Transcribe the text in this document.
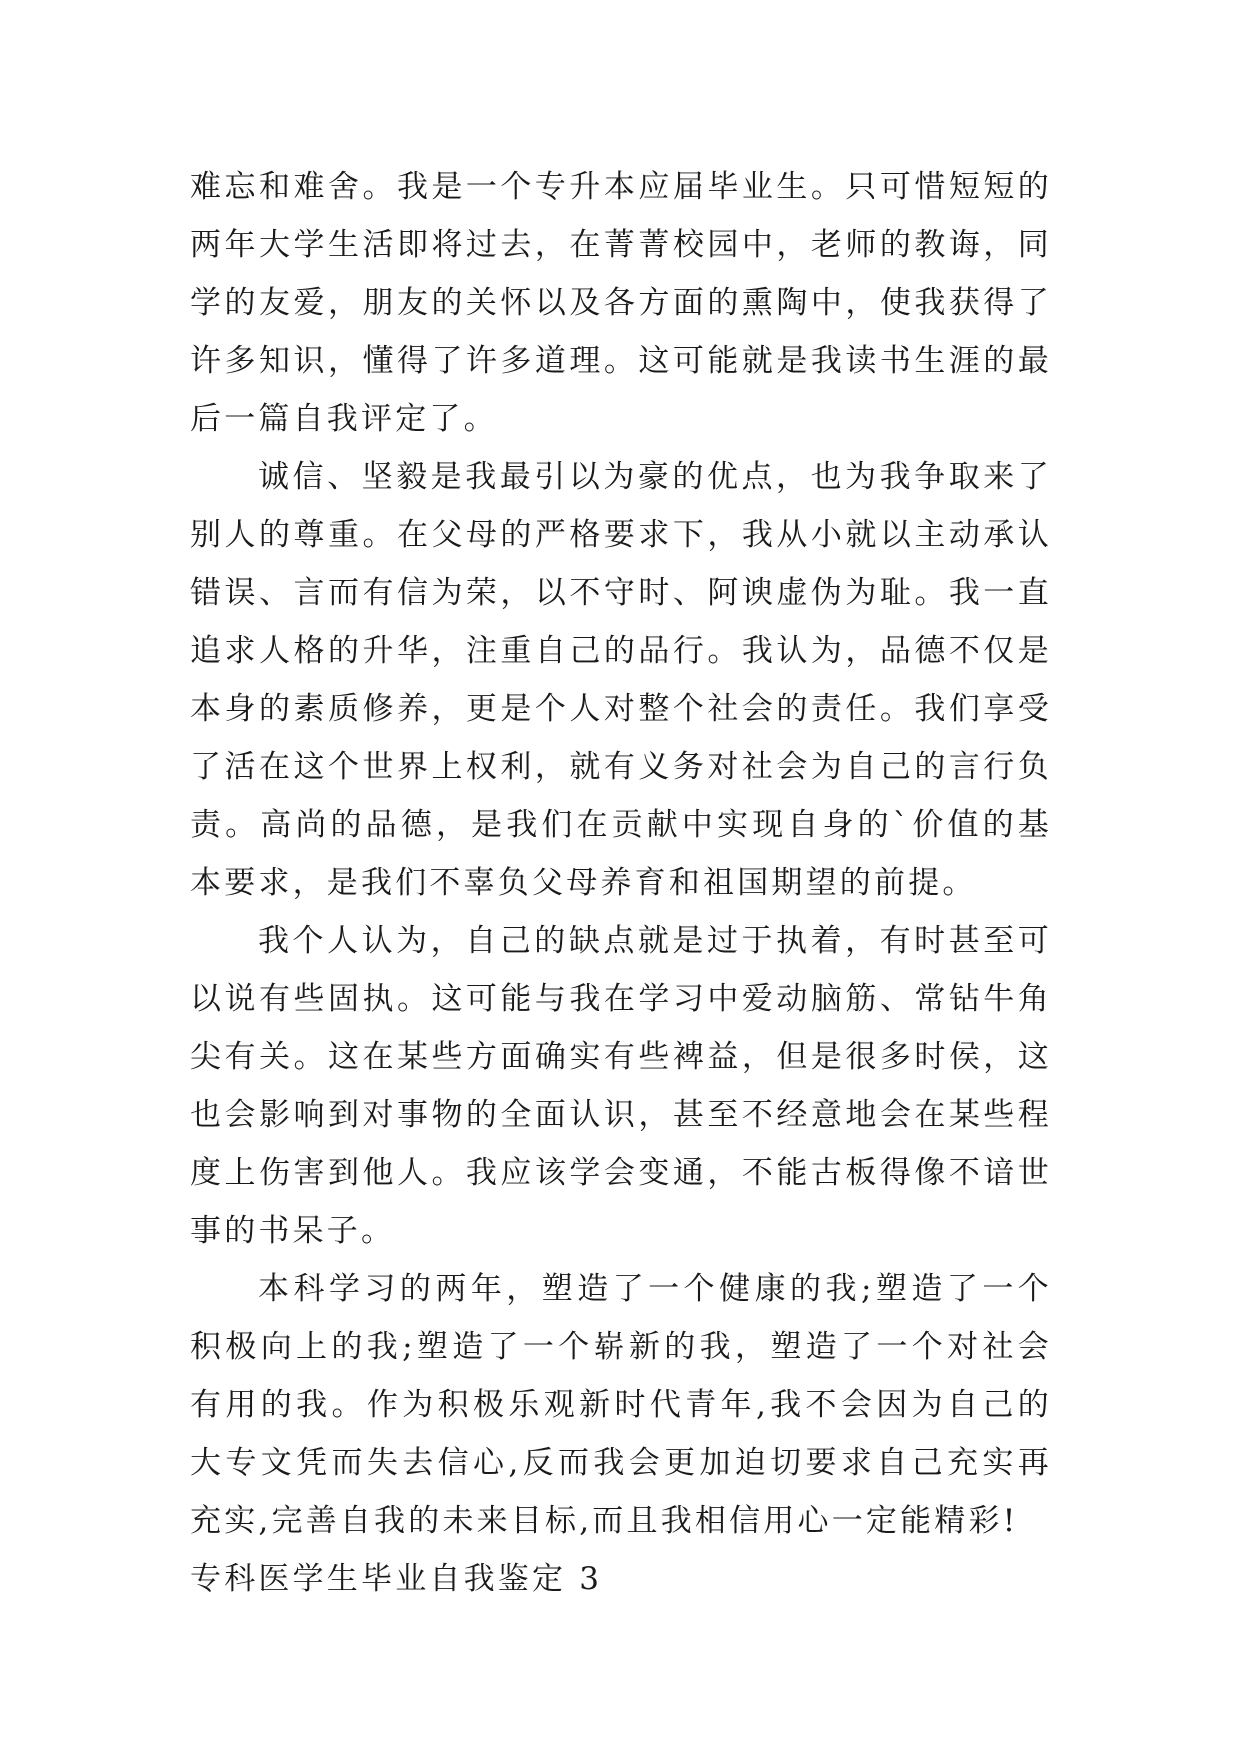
难忘和难舍。我是一个专升本应届毕业生。只可惜短短的两年大学生活即将过去，在菁菁校园中，老师的教诲，同学的友爱，朋友的关怀以及各方面的熏陶中，使我获得了许多知识，懂得了许多道理。这可能就是我读书生涯的最后一篇自我评定了。

诚信、坚毅是我最引以为豪的优点，也为我争取来了别人的尊重。在父母的严格要求下，我从小就以主动承认错误、言而有信为荣，以不守时、阿谀虚伪为耻。我一直追求人格的升华，注重自己的品行。我认为，品德不仅是本身的素质修养，更是个人对整个社会的责任。我们享受了活在这个世界上权利，就有义务对社会为自己的言行负责。高尚的品德，是我们在贡献中实现自身的`价值的基本要求，是我们不辜负父母养育和祖国期望的前提。

我个人认为，自己的缺点就是过于执着，有时甚至可以说有些固执。这可能与我在学习中爱动脑筋、常钻牛角尖有关。这在某些方面确实有些裨益，但是很多时侯，这也会影响到对事物的全面认识，甚至不经意地会在某些程度上伤害到他人。我应该学会变通，不能古板得像不谙世事的书呆子。

本科学习的两年，塑造了一个健康的我;塑造了一个积极向上的我;塑造了一个崭新的我，塑造了一个对社会有用的我。作为积极乐观新时代青年,我不会因为自己的大专文凭而失去信心,反而我会更加迫切要求自己充实再充实,完善自我的未来目标,而且我相信用心一定能精彩!

专科医学生毕业自我鉴定 3
